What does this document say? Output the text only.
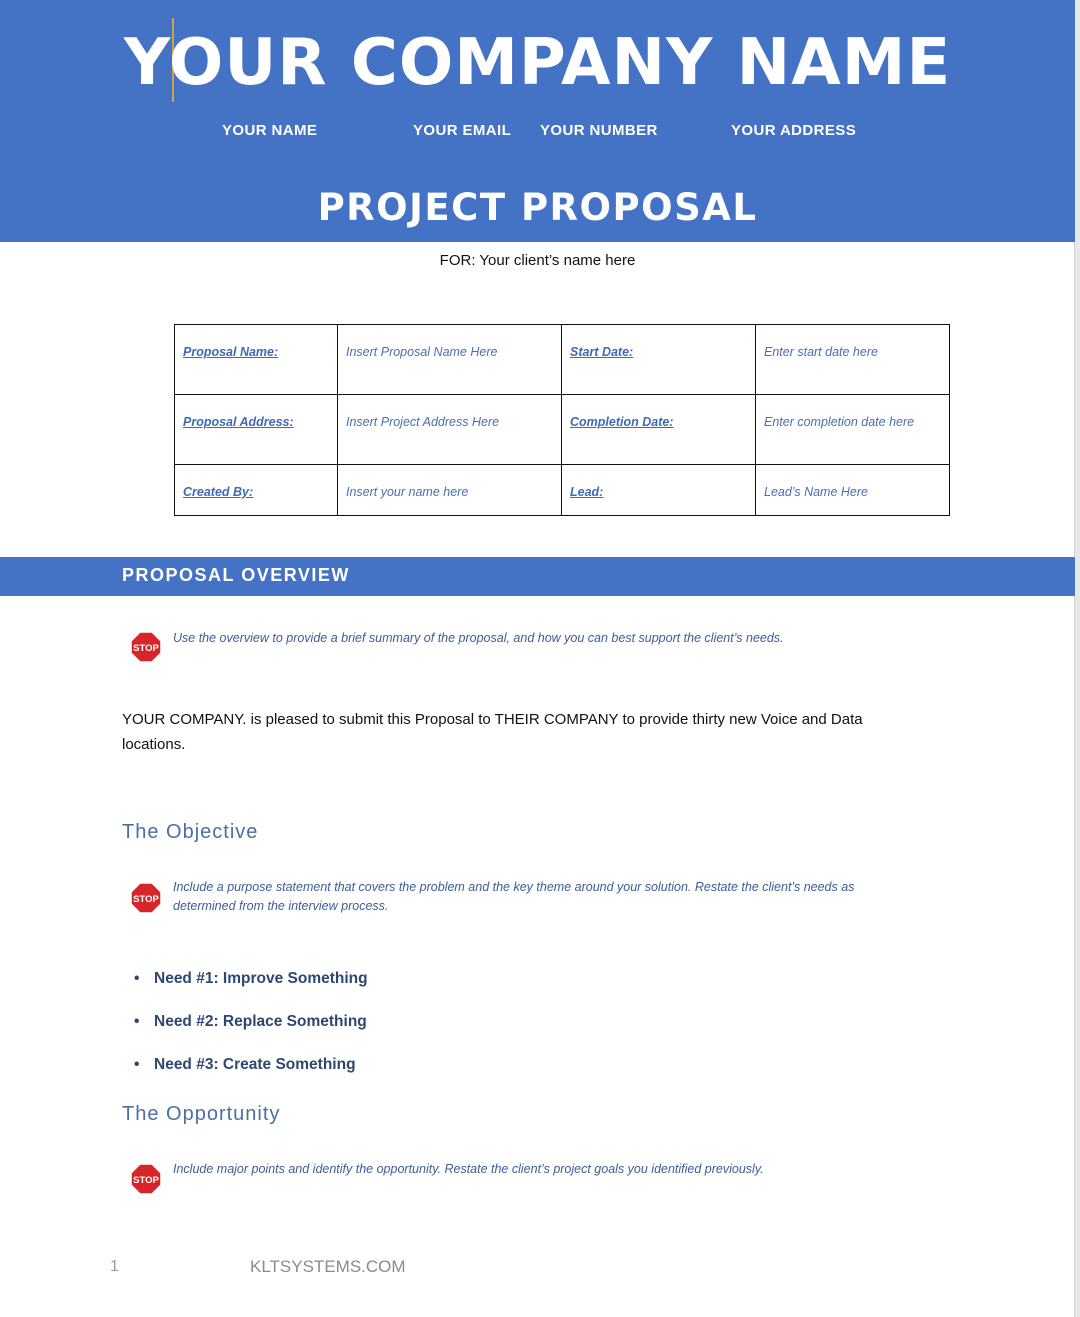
YOUR COMPANY NAME
YOUR NAME	YOUR EMAIL YOUR NUMBER	YOUR ADDRESS
PROJECT PROPOSAL
FOR: Your client’s name here
Proposal Name:	Insert Proposal Name Here	Start Date:	Enter start date here
Proposal Address:	Insert Project Address Here	Completion Date:	Enter completion date here
Created By:	Insert your name here	Lead:	Lead’s Name Here
PROPOSAL OVERVIEW
STOP
Use the overview to provide a brief summary of the proposal, and how you can best support the client’s needs.
YOUR COMPANY. is pleased to submit this Proposal to THEIR COMPANY to provide thirty new Voice and Data locations.
The Objective
STOP
Include a purpose statement that covers the problem and the key theme around your solution. Restate the client’s needs as determined from the interview process.
• Need #1: Improve Something
• Need #2: Replace Something
• Need #3: Create Something
The Opportunity
STOP
Include major points and identify the opportunity. Restate the client’s project goals you identified previously.
1	KLTSYSTEMS.COM
